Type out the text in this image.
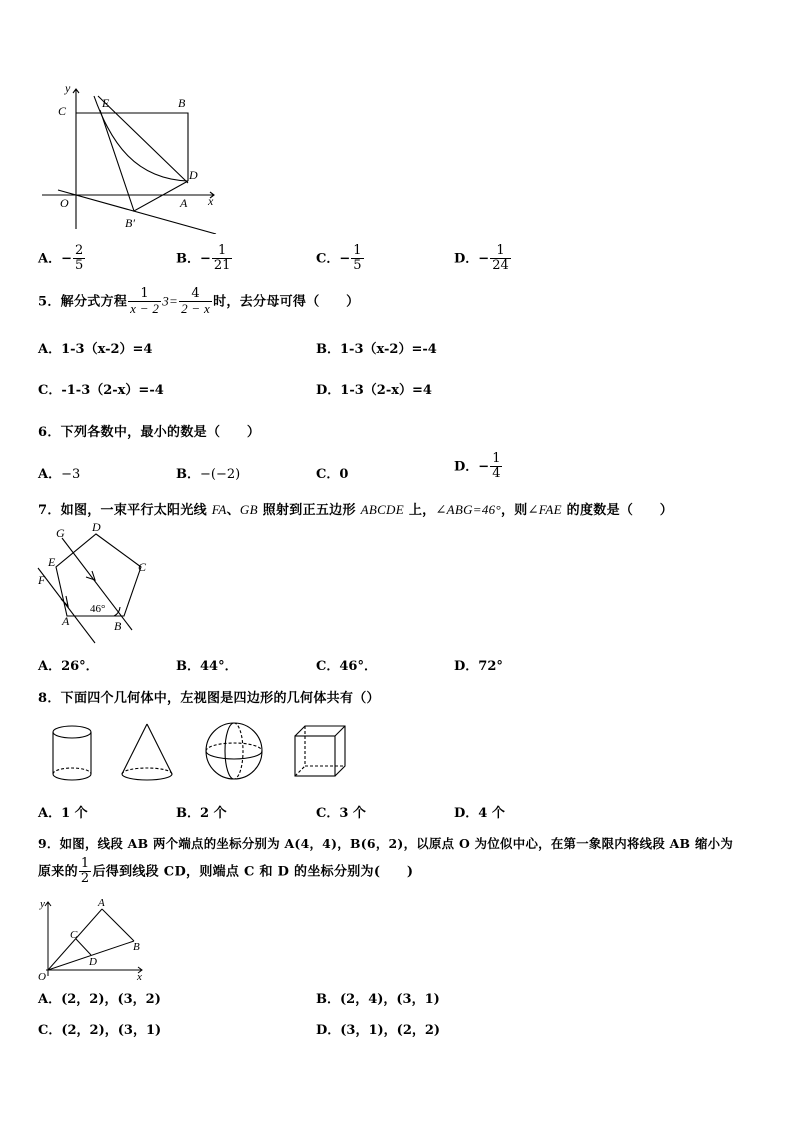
y
C
E	B
D
O	A x
B′
A．− $\frac{2}{5}$	B．− $\frac{1}{21}$	C．− $\frac{1}{5}$	D．− $\frac{1}{24}$
5．解分式方程 $\frac{1}{x - 2} 3= \frac{4}{2 - x}$ 时，去分母可得（　　）
A．1-3（x-2）=4	B．1-3（x-2）=-4
C．-1-3（2-x）=-4	D．1-3（2-x）=4
6．下列各数中，最小的数是（　　）
A．−3	B．−(−2)	C．0
D．− $\frac{1}{4}$
7．如图，一束平行太阳光线 FA、GB 照射到正五边形 ABCDE 上，∠ABG=46°，则∠FAE 的度数是（　　）
G D
E	C
F
A	B
46°
A．26°．	B．44°．	C．46°．	D．72°
8．下面四个几何体中，左视图是四边形的几何体共有（）
A．1 个	B．2 个	C．3 个	D．4 个
9．如图，线段 AB 两个端点的坐标分别为 A(4，4)，B(6，2)，以原点 O 为位似中心，在第一象限内将线段 AB 缩小为
原来的 $\frac{1}{2}$ 后得到线段 CD，则端点 C 和 D 的坐标分别为(　　)
y
x
O
A
B
C
D
A．(2，2)，(3，2)	B．(2，4)，(3，1)
C．(2，2)，(3，1)	D．(3，1)，(2，2)
